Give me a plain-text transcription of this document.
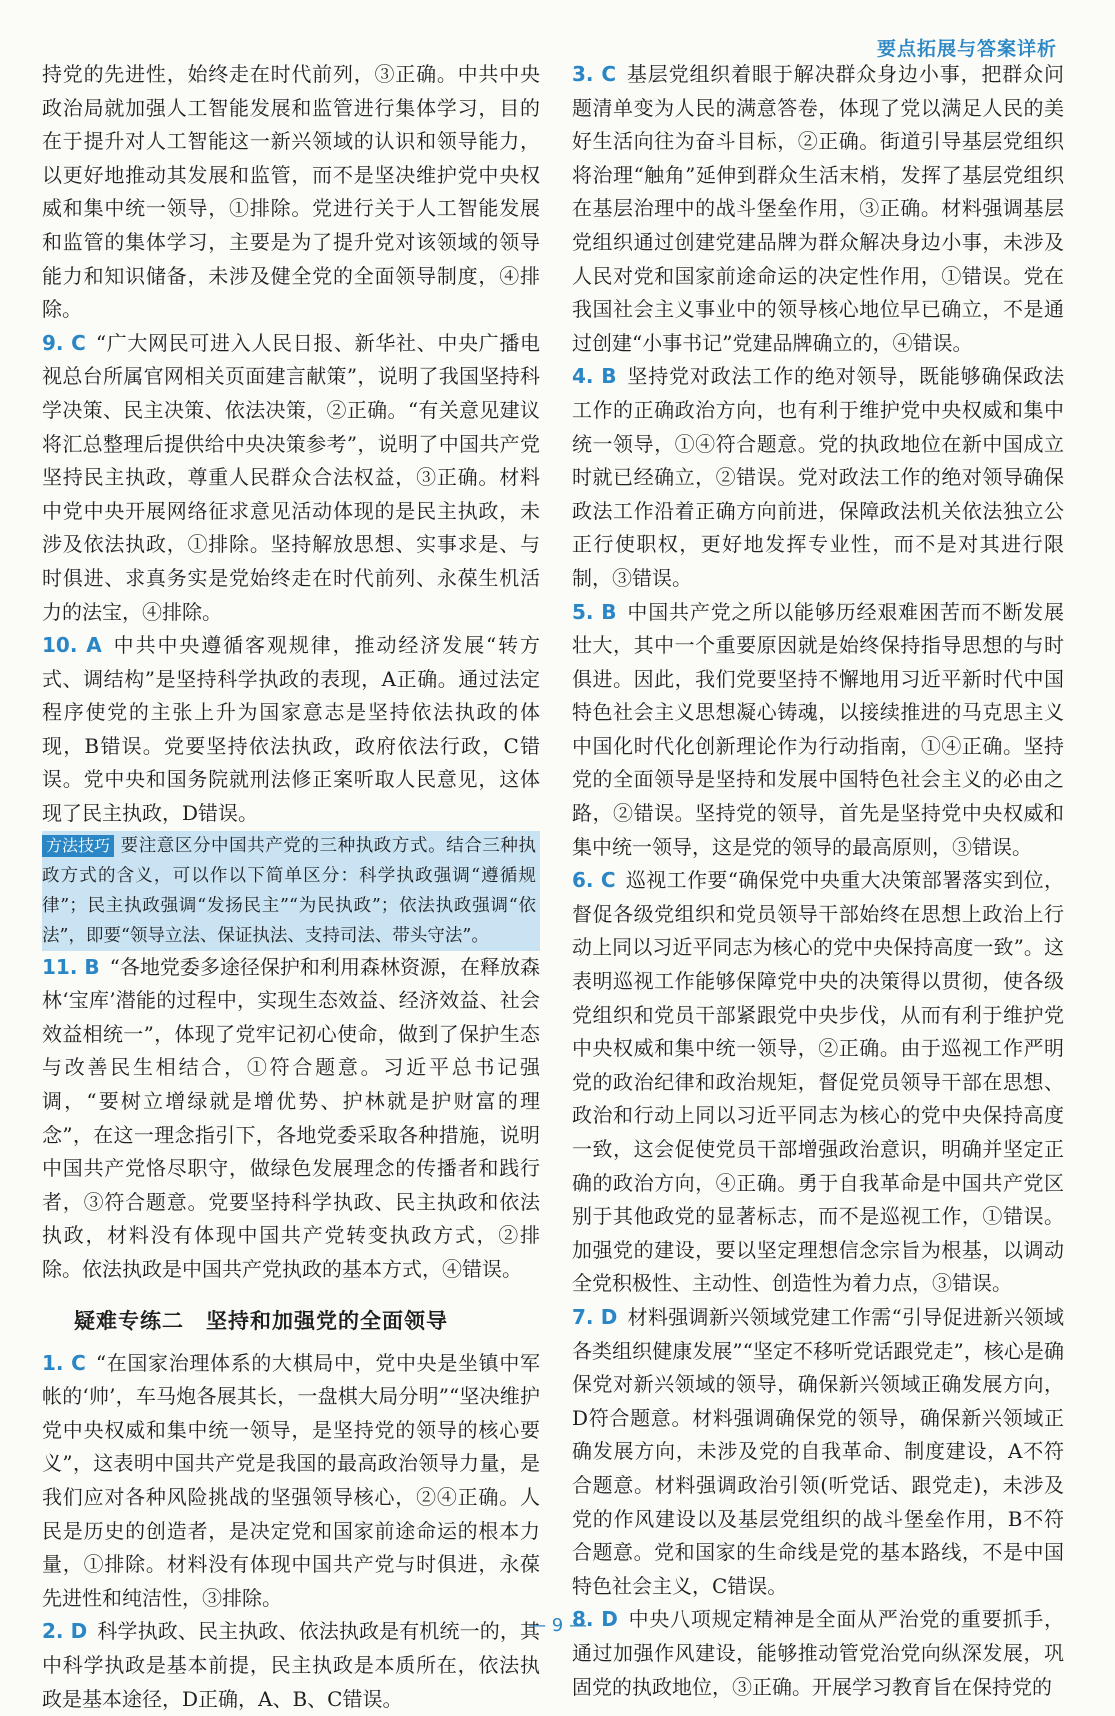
要点拓展与答案详析

持党的先进性，始终走在时代前列，③正确。中共中央政治局就加强人工智能发展和监管进行集体学习，目的在于提升对人工智能这一新兴领域的认识和领导能力，以更好地推动其发展和监管，而不是坚决维护党中央权威和集中统一领导，①排除。党进行关于人工智能发展和监管的集体学习，主要是为了提升党对该领域的领导能力和知识储备，未涉及健全党的全面领导制度，④排除。

9. C “广大网民可进入人民日报、新华社、中央广播电视总台所属官网相关页面建言献策”，说明了我国坚持科学决策、民主决策、依法决策，②正确。“有关意见建议将汇总整理后提供给中央决策参考”，说明了中国共产党坚持民主执政，尊重人民群众合法权益，③正确。材料中党中央开展网络征求意见活动体现的是民主执政，未涉及依法执政，①排除。坚持解放思想、实事求是、与时俱进、求真务实是党始终走在时代前列、永葆生机活力的法宝，④排除。

10. A 中共中央遵循客观规律，推动经济发展“转方式、调结构”是坚持科学执政的表现，A正确。通过法定程序使党的主张上升为国家意志是坚持依法执政的体现，B错误。党要坚持依法执政，政府依法行政，C错误。党中央和国务院就刑法修正案听取人民意见，这体现了民主执政，D错误。

方法技巧 要注意区分中国共产党的三种执政方式。结合三种执政方式的含义，可以作以下简单区分：科学执政强调“遵循规律”；民主执政强调“发扬民主”“为民执政”；依法执政强调“依法”，即要“领导立法、保证执法、支持司法、带头守法”。

11. B “各地党委多途径保护和利用森林资源，在释放森林‘宝库’潜能的过程中，实现生态效益、经济效益、社会效益相统一”，体现了党牢记初心使命，做到了保护生态与改善民生相结合，①符合题意。习近平总书记强调，“要树立增绿就是增优势、护林就是护财富的理念”，在这一理念指引下，各地党委采取各种措施，说明中国共产党恪尽职守，做绿色发展理念的传播者和践行者，③符合题意。党要坚持科学执政、民主执政和依法执政，材料没有体现中国共产党转变执政方式，②排除。依法执政是中国共产党执政的基本方式，④错误。

疑难专练二 坚持和加强党的全面领导

1. C “在国家治理体系的大棋局中，党中央是坐镇中军帐的‘帅’，车马炮各展其长，一盘棋大局分明”“坚决维护党中央权威和集中统一领导，是坚持党的领导的核心要义”，这表明中国共产党是我国的最高政治领导力量，是我们应对各种风险挑战的坚强领导核心，②④正确。人民是历史的创造者，是决定党和国家前途命运的根本力量，①排除。材料没有体现中国共产党与时俱进，永葆先进性和纯洁性，③排除。

2. D 科学执政、民主执政、依法执政是有机统一的，其中科学执政是基本前提，民主执政是本质所在，依法执政是基本途径，D正确，A、B、C错误。

3. C 基层党组织着眼于解决群众身边小事，把群众问题清单变为人民的满意答卷，体现了党以满足人民的美好生活向往为奋斗目标，②正确。街道引导基层党组织将治理“触角”延伸到群众生活末梢，发挥了基层党组织在基层治理中的战斗堡垒作用，③正确。材料强调基层党组织通过创建党建品牌为群众解决身边小事，未涉及人民对党和国家前途命运的决定性作用，①错误。党在我国社会主义事业中的领导核心地位早已确立，不是通过创建“小事书记”党建品牌确立的，④错误。

4. B 坚持党对政法工作的绝对领导，既能够确保政法工作的正确政治方向，也有利于维护党中央权威和集中统一领导，①④符合题意。党的执政地位在新中国成立时就已经确立，②错误。党对政法工作的绝对领导确保政法工作沿着正确方向前进，保障政法机关依法独立公正行使职权，更好地发挥专业性，而不是对其进行限制，③错误。

5. B 中国共产党之所以能够历经艰难困苦而不断发展壮大，其中一个重要原因就是始终保持指导思想的与时俱进。因此，我们党要坚持不懈地用习近平新时代中国特色社会主义思想凝心铸魂，以接续推进的马克思主义中国化时代化创新理论作为行动指南，①④正确。坚持党的全面领导是坚持和发展中国特色社会主义的必由之路，②错误。坚持党的领导，首先是坚持党中央权威和集中统一领导，这是党的领导的最高原则，③错误。

6. C 巡视工作要“确保党中央重大决策部署落实到位，督促各级党组织和党员领导干部始终在思想上政治上行动上同以习近平同志为核心的党中央保持高度一致”。这表明巡视工作能够保障党中央的决策得以贯彻，使各级党组织和党员干部紧跟党中央步伐，从而有利于维护党中央权威和集中统一领导，②正确。由于巡视工作严明党的政治纪律和政治规矩，督促党员领导干部在思想、政治和行动上同以习近平同志为核心的党中央保持高度一致，这会促使党员干部增强政治意识，明确并坚定正确的政治方向，④正确。勇于自我革命是中国共产党区别于其他政党的显著标志，而不是巡视工作，①错误。加强党的建设，要以坚定理想信念宗旨为根基，以调动全党积极性、主动性、创造性为着力点，③错误。

7. D 材料强调新兴领域党建工作需“引导促进新兴领域各类组织健康发展”“坚定不移听党话跟党走”，核心是确保党对新兴领域的领导，确保新兴领域正确发展方向，D符合题意。材料强调确保党的领导，确保新兴领域正确发展方向，未涉及党的自我革命、制度建设，A不符合题意。材料强调政治引领(听党话、跟党走)，未涉及党的作风建设以及基层党组织的战斗堡垒作用，B不符合题意。党和国家的生命线是党的基本路线，不是中国特色社会主义，C错误。

8. D 中央八项规定精神是全面从严治党的重要抓手，通过加强作风建设，能够推动管党治党向纵深发展，巩固党的执政地位，③正确。开展学习教育旨在保持党的

— 9 —
